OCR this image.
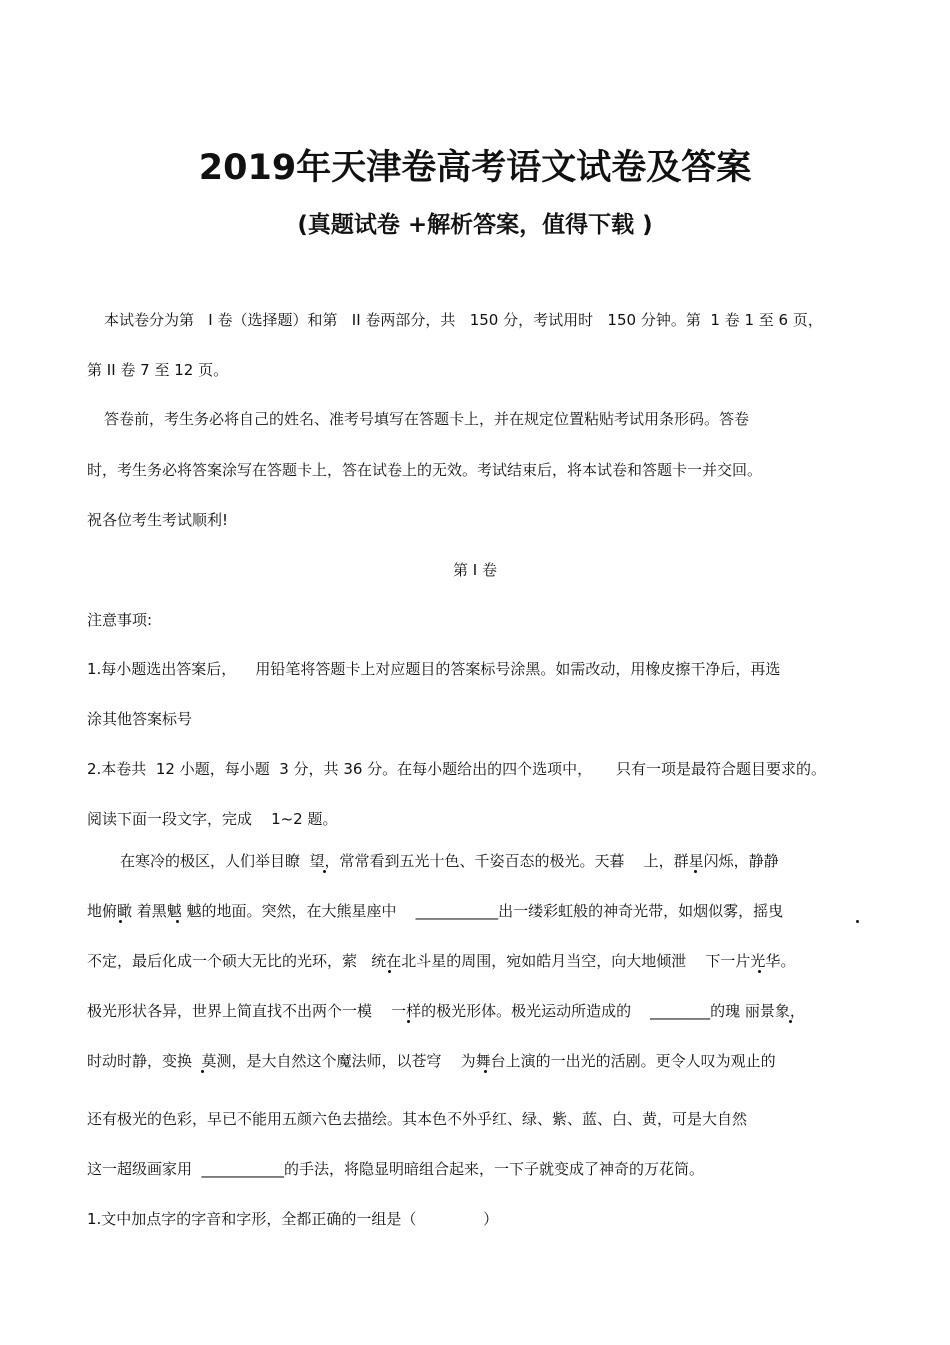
2019年天津卷高考语文试卷及答案
(真题试卷 +解析答案，值得下载 )
本试卷分为第   I 卷（选择题）和第   II 卷两部分，共   150 分，考试用时   150 分钟。第  1 卷 1 至 6 页，
第 II 卷 7 至 12 页。
答卷前，考生务必将自己的姓名、准考号填写在答题卡上，并在规定位置粘贴考试用条形码。答卷
时，考生务必将答案涂写在答题卡上，答在试卷上的无效。考试结束后，将本试卷和答题卡一并交回。
祝各位考生考试顺利!
第 I 卷
注意事项:
1.每小题选出答案后，    用铅笔将答题卡上对应题目的答案标号涂黑。如需改动，用橡皮擦干净后，再选
涂其他答案标号
2.本卷共  12 小题，每小题  3 分，共 36 分。在每小题给出的四个选项中，     只有一项是最符合题目要求的。
阅读下面一段文字，完成    1~2 题。
在寒冷的极区，人们举目瞭  望，常常看到五光十色、千姿百态的极光。天暮    上，群星闪烁，静静
地俯瞰 着黑魆 魆的地面。突然，在大熊星座中    ___________出一缕彩虹般的神奇光带，如烟似雾，摇曳
不定，最后化成一个硕大无比的光环，萦   统在北斗星的周围，宛如皓月当空，向大地倾泄    下一片光华。
极光形状各异，世界上简直找不出两个一模    一样的极光形体。极光运动所造成的    ________的瑰 丽景象，
时动时静，变换  莫测，是大自然这个魔法师，以苍穹    为舞台上演的一出光的活剧。更令人叹为观止的
还有极光的色彩，早已不能用五颜六色去描绘。其本色不外乎红、绿、紫、蓝、白、黄，可是大自然
这一超级画家用  ___________的手法，将隐显明暗组合起来，一下子就变成了神奇的万花筒。
1.文中加点字的字音和字形，全都正确的一组是（              ）
